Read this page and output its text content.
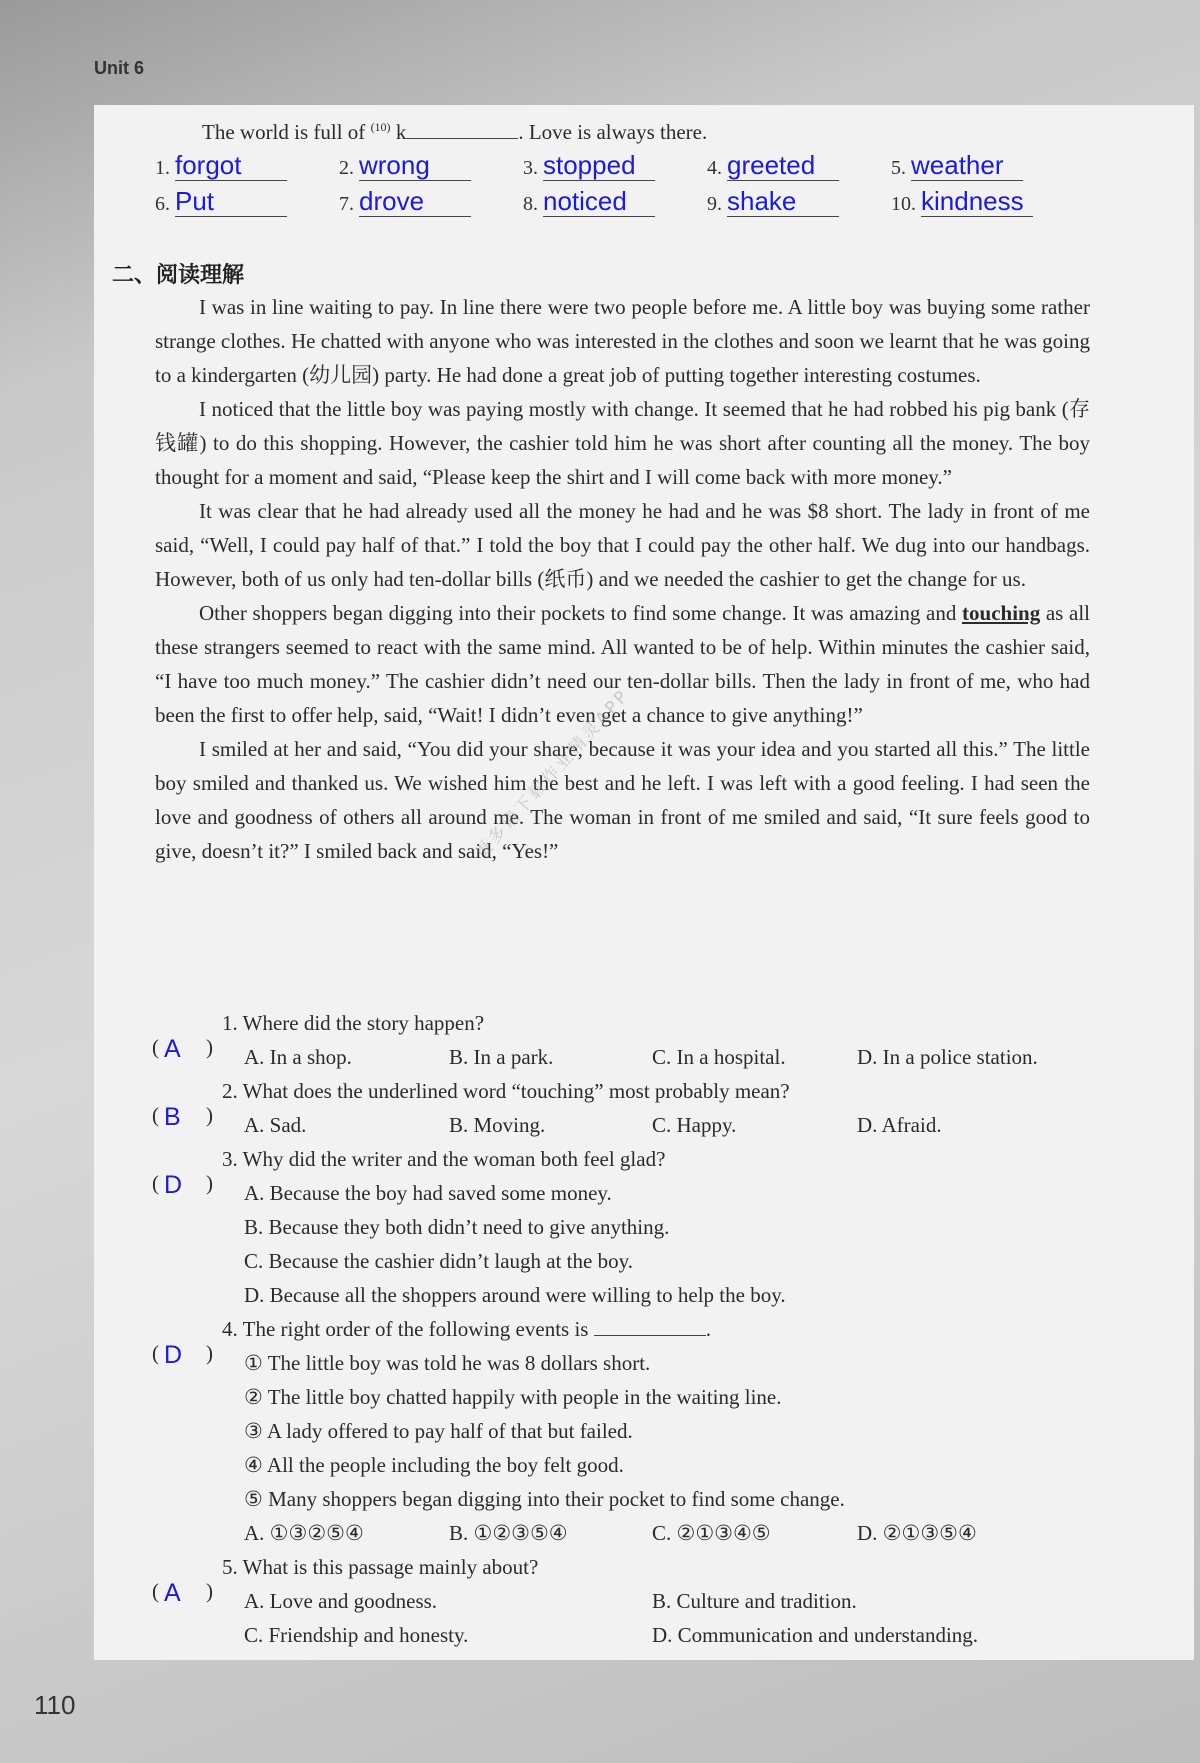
Unit 6
The world is full of $^{(10)}$ k	. Love is always there.
1. forgot	2. wrong	3. stopped	4. greeted	5. weather
6. Put	7. drove	8. noticed	9. shake	10. kindness
二、阅读理解

I was in line waiting to pay. In line there were two people before me. A little boy was buying some rather strange clothes. He chatted with anyone who was interested in the clothes and soon we learnt that he was going to a kindergarten (幼儿园) party. He had done a great job of putting together interesting costumes.

I noticed that the little boy was paying mostly with change. It seemed that he had robbed his pig bank (存钱罐) to do this shopping. However, the cashier told him he was short after counting all the money. The boy thought for a moment and said, “Please keep the shirt and I will come back with more money.”

It was clear that he had already used all the money he had and he was $8 short. The lady in front of me said, “Well, I could pay half of that.” I told the boy that I could pay the other half. We dug into our handbags. However, both of us only had ten-dollar bills (纸币) and we needed the cashier to get the change for us.

Other shoppers began digging into their pockets to find some change. It was amazing and touching as all these strangers seemed to react with the same mind. All wanted to be of help. Within minutes the cashier said, “I have too much money.” The cashier didn’t need our ten-dollar bills. Then the lady in front of me, who had been the first to offer help, said, “Wait! I didn’t even get a chance to give anything!”

I smiled at her and said, “You did your share, because it was your idea and you started all this.” The little boy smiled and thanked us. We wished him the best and he left. I was left with a good feeling. I had seen the love and goodness of others all around me. The woman in front of me smiled and said, “It sure feels good to give, doesn’t it?” I smiled back and said, “Yes!”

( A )
1. Where did the story happen?
A. In a shop.	B. In a park.	C. In a hospital.	D. In a police station.
( B )
2. What does the underlined word “touching” most probably mean?
A. Sad.	B. Moving.	C. Happy.	D. Afraid.
( D )
3. Why did the writer and the woman both feel glad?
A. Because the boy had saved some money.
B. Because they both didn’t need to give anything.
C. Because the cashier didn’t laugh at the boy.
D. Because all the shoppers around were willing to help the boy.
( D )
4. The right order of the following events is	.
① The little boy was told he was 8 dollars short.
② The little boy chatted happily with people in the waiting line.
③ A lady offered to pay half of that but failed.
④ All the people including the boy felt good.
⑤ Many shoppers began digging into their pocket to find some change.
A. ①③②⑤④	B. ①②③⑤④	C. ②①③④⑤	D. ②①③⑤④
( A )
5. What is this passage mainly about?
A. Love and goodness.	B. Culture and tradition.
C. Friendship and honesty.	D. Communication and understanding.
更多请下载作业精灵APP
110
